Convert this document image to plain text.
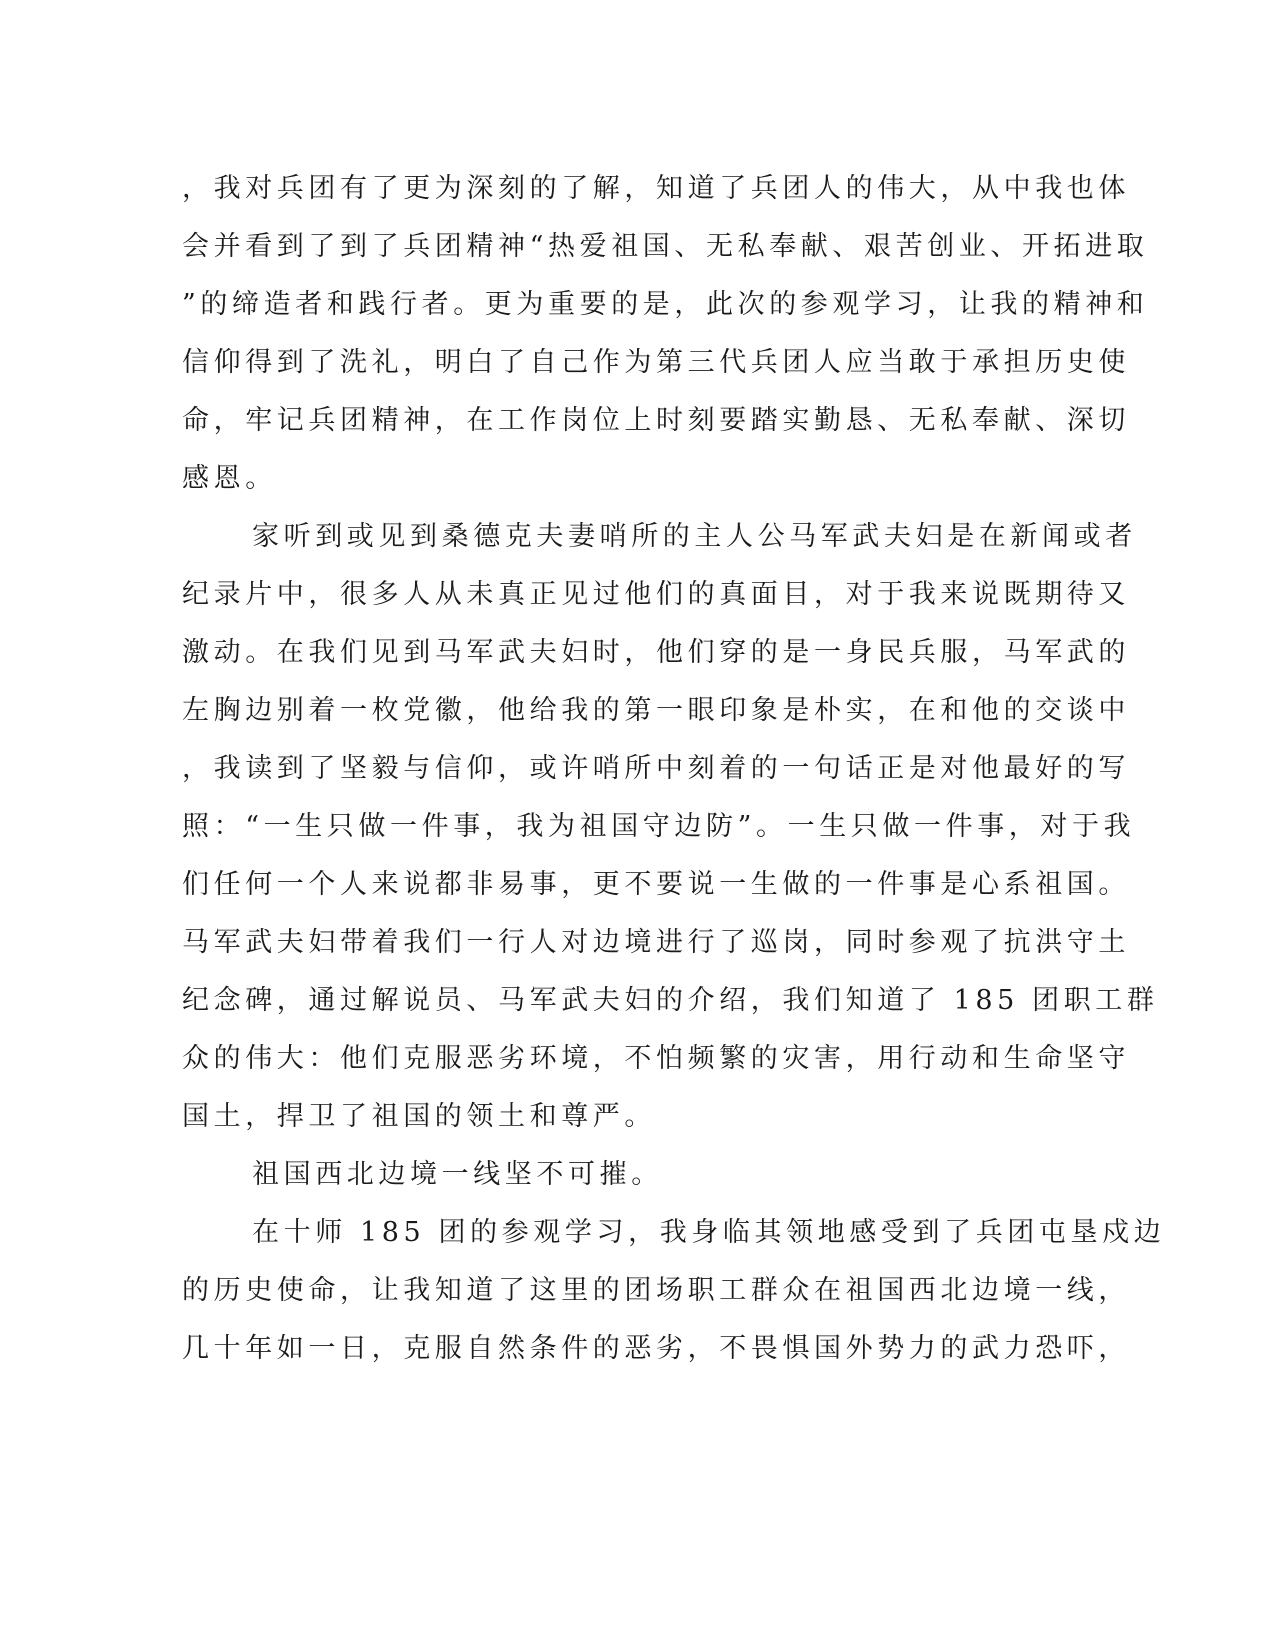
，我对兵团有了更为深刻的了解，知道了兵团人的伟大，从中我也体
会并看到了到了兵团精神“热爱祖国、无私奉献、艰苦创业、开拓进取
”的缔造者和践行者。更为重要的是，此次的参观学习，让我的精神和
信仰得到了洗礼，明白了自己作为第三代兵团人应当敢于承担历史使
命，牢记兵团精神，在工作岗位上时刻要踏实勤恳、无私奉献、深切
感恩。
家听到或见到桑德克夫妻哨所的主人公马军武夫妇是在新闻或者
纪录片中，很多人从未真正见过他们的真面目，对于我来说既期待又
激动。在我们见到马军武夫妇时，他们穿的是一身民兵服，马军武的
左胸边别着一枚党徽，他给我的第一眼印象是朴实，在和他的交谈中
，我读到了坚毅与信仰，或许哨所中刻着的一句话正是对他最好的写
照：“一生只做一件事，我为祖国守边防”。一生只做一件事，对于我
们任何一个人来说都非易事，更不要说一生做的一件事是心系祖国。
马军武夫妇带着我们一行人对边境进行了巡岗，同时参观了抗洪守土
纪念碑，通过解说员、马军武夫妇的介绍，我们知道了 185 团职工群
众的伟大：他们克服恶劣环境，不怕频繁的灾害，用行动和生命坚守
国土，捍卫了祖国的领土和尊严。
祖国西北边境一线坚不可摧。
在十师 185 团的参观学习，我身临其领地感受到了兵团屯垦戍边
的历史使命，让我知道了这里的团场职工群众在祖国西北边境一线，
几十年如一日，克服自然条件的恶劣，不畏惧国外势力的武力恐吓，
